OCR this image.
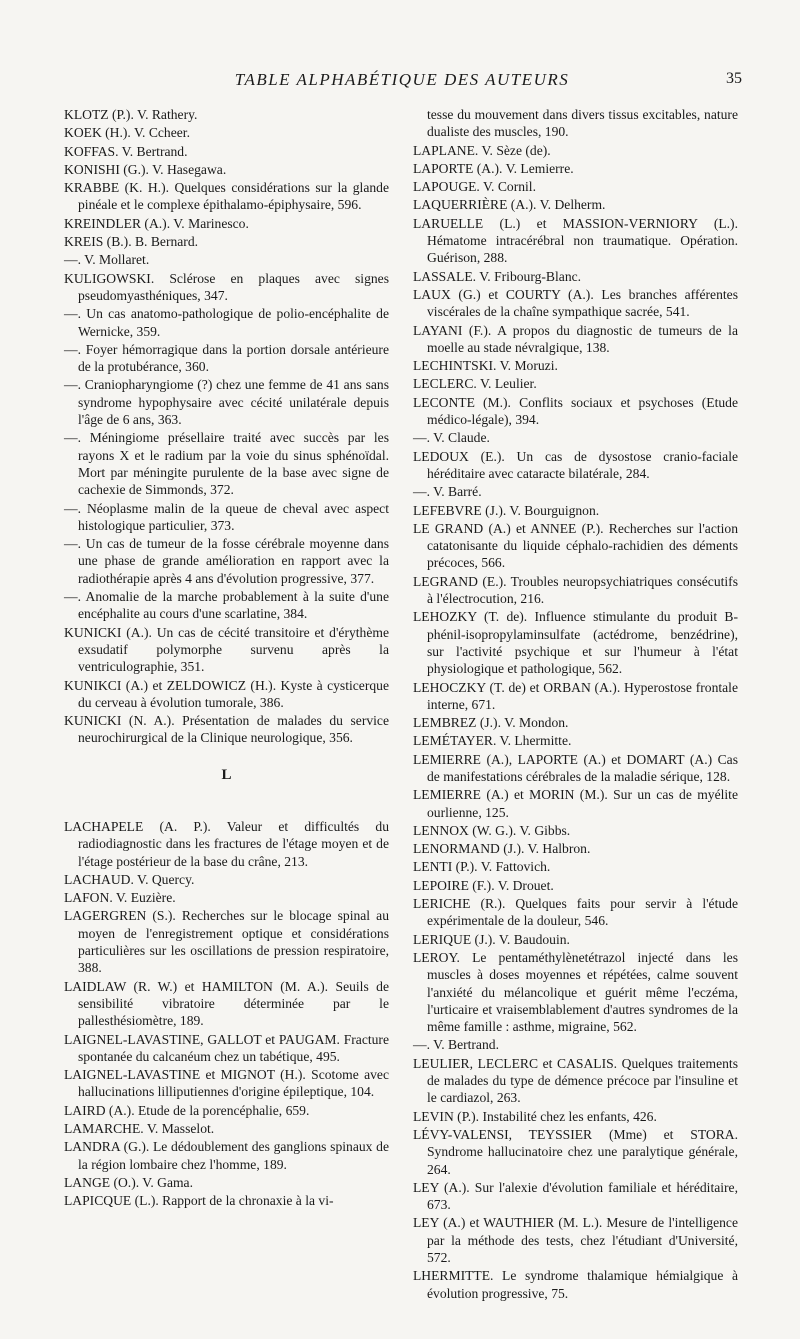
TABLE ALPHABÉTIQUE DES AUTEURS	35
KLOTZ (P.). V. Rathery.
KOEK (H.). V. Ccheer.
KOFFAS. V. Bertrand.
KONISHI (G.). V. Hasegawa.
KRABBE (K. H.). Quelques considérations sur la glande pinéale et le complexe épithalamo-épiphysaire, 596.
KREINDLER (A.). V. Marinesco.
KREIS (B.). B. Bernard.
—. V. Mollaret.
KULIGOWSKI. Sclérose en plaques avec signes pseudomyasthéniques, 347.
—. Un cas anatomo-pathologique de polio-encéphalite de Wernicke, 359.
—. Foyer hémorragique dans la portion dorsale antérieure de la protubérance, 360.
—. Craniopharyngiome (?) chez une femme de 41 ans sans syndrome hypophysaire avec cécité unilatérale depuis l'âge de 6 ans, 363.
—. Méningiome présellaire traité avec succès par les rayons X et le radium par la voie du sinus sphénoïdal. Mort par méningite purulente de la base avec signe de cachexie de Simmonds, 372.
—. Néoplasme malin de la queue de cheval avec aspect histologique particulier, 373.
—. Un cas de tumeur de la fosse cérébrale moyenne dans une phase de grande amélioration en rapport avec la radiothérapie après 4 ans d'évolution progressive, 377.
—. Anomalie de la marche probablement à la suite d'une encéphalite au cours d'une scarlatine, 384.
KUNICKI (A.). Un cas de cécité transitoire et d'érythème exsudatif polymorphe survenu après la ventriculographie, 351.
KUNIKCI (A.) et ZELDOWICZ (H.). Kyste à cysticerque du cerveau à évolution tumorale, 386.
KUNICKI (N. A.). Présentation de malades du service neurochirurgical de la Clinique neurologique, 356.
L
LACHAPELE (A. P.). Valeur et difficultés du radiodiagnostic dans les fractures de l'étage moyen et de l'étage postérieur de la base du crâne, 213.
LACHAUD. V. Quercy.
LAFON. V. Euzière.
LAGERGREN (S.). Recherches sur le blocage spinal au moyen de l'enregistrement optique et considérations particulières sur les oscillations de pression respiratoire, 388.
LAIDLAW (R. W.) et HAMILTON (M. A.). Seuils de sensibilité vibratoire déterminée par le pallesthésiomètre, 189.
LAIGNEL-LAVASTINE, GALLOT et PAUGAM. Fracture spontanée du calcanéum chez un tabétique, 495.
LAIGNEL-LAVASTINE et MIGNOT (H.). Scotome avec hallucinations lilliputiennes d'origine épileptique, 104.
LAIRD (A.). Etude de la porencéphalie, 659.
LAMARCHE. V. Masselot.
LANDRA (G.). Le dédoublement des ganglions spinaux de la région lombaire chez l'homme, 189.
LANGE (O.). V. Gama.
LAPICQUE (L.). Rapport de la chronaxie à la vi-
tesse du mouvement dans divers tissus excitables, nature dualiste des muscles, 190.
LAPLANE. V. Sèze (de).
LAPORTE (A.). V. Lemierre.
LAPOUGE. V. Cornil.
LAQUERRIÈRE (A.). V. Delherm.
LARUELLE (L.) et MASSION-VERNIORY (L.). Hématome intracérébral non traumatique. Opération. Guérison, 288.
LASSALE. V. Fribourg-Blanc.
LAUX (G.) et COURTY (A.). Les branches afférentes viscérales de la chaîne sympathique sacrée, 541.
LAYANI (F.). A propos du diagnostic de tumeurs de la moelle au stade névralgique, 138.
LECHINTSKI. V. Moruzi.
LECLERC. V. Leulier.
LECONTE (M.). Conflits sociaux et psychoses (Etude médico-légale), 394.
—. V. Claude.
LEDOUX (E.). Un cas de dysostose cranio-faciale héréditaire avec cataracte bilatérale, 284.
—. V. Barré.
LEFEBVRE (J.). V. Bourguignon.
LE GRAND (A.) et ANNEE (P.). Recherches sur l'action catatonisante du liquide céphalo-rachidien des déments précoces, 566.
LEGRAND (E.). Troubles neuropsychiatriques consécutifs à l'électrocution, 216.
LEHOZKY (T. de). Influence stimulante du produit B-phénil-isopropylaminsulfate (actédrome, benzédrine), sur l'activité psychique et sur l'humeur à l'état physiologique et pathologique, 562.
LEHOCZKY (T. de) et ORBAN (A.). Hyperostose frontale interne, 671.
LEMBREZ (J.). V. Mondon.
LEMÉTAYER. V. Lhermitte.
LEMIERRE (A.), LAPORTE (A.) et DOMART (A.) Cas de manifestations cérébrales de la maladie sérique, 128.
LEMIERRE (A.) et MORIN (M.). Sur un cas de myélite ourlienne, 125.
LENNOX (W. G.). V. Gibbs.
LENORMAND (J.). V. Halbron.
LENTI (P.). V. Fattovich.
LEPOIRE (F.). V. Drouet.
LERICHE (R.). Quelques faits pour servir à l'étude expérimentale de la douleur, 546.
LERIQUE (J.). V. Baudouin.
LEROY. Le pentaméthylènetétrazol injecté dans les muscles à doses moyennes et répétées, calme souvent l'anxiété du mélancolique et guérit même l'eczéma, l'urticaire et vraisemblablement d'autres syndromes de la même famille : asthme, migraine, 562.
—. V. Bertrand.
LEULIER, LECLERC et CASALIS. Quelques traitements de malades du type de démence précoce par l'insuline et le cardiazol, 263.
LEVIN (P.). Instabilité chez les enfants, 426.
LÉVY-VALENSI, TEYSSIER (Mme) et STORA. Syndrome hallucinatoire chez une paralytique générale, 264.
LEY (A.). Sur l'alexie d'évolution familiale et héréditaire, 673.
LEY (A.) et WAUTHIER (M. L.). Mesure de l'intelligence par la méthode des tests, chez l'étudiant d'Université, 572.
LHERMITTE. Le syndrome thalamique hémialgique à évolution progressive, 75.
